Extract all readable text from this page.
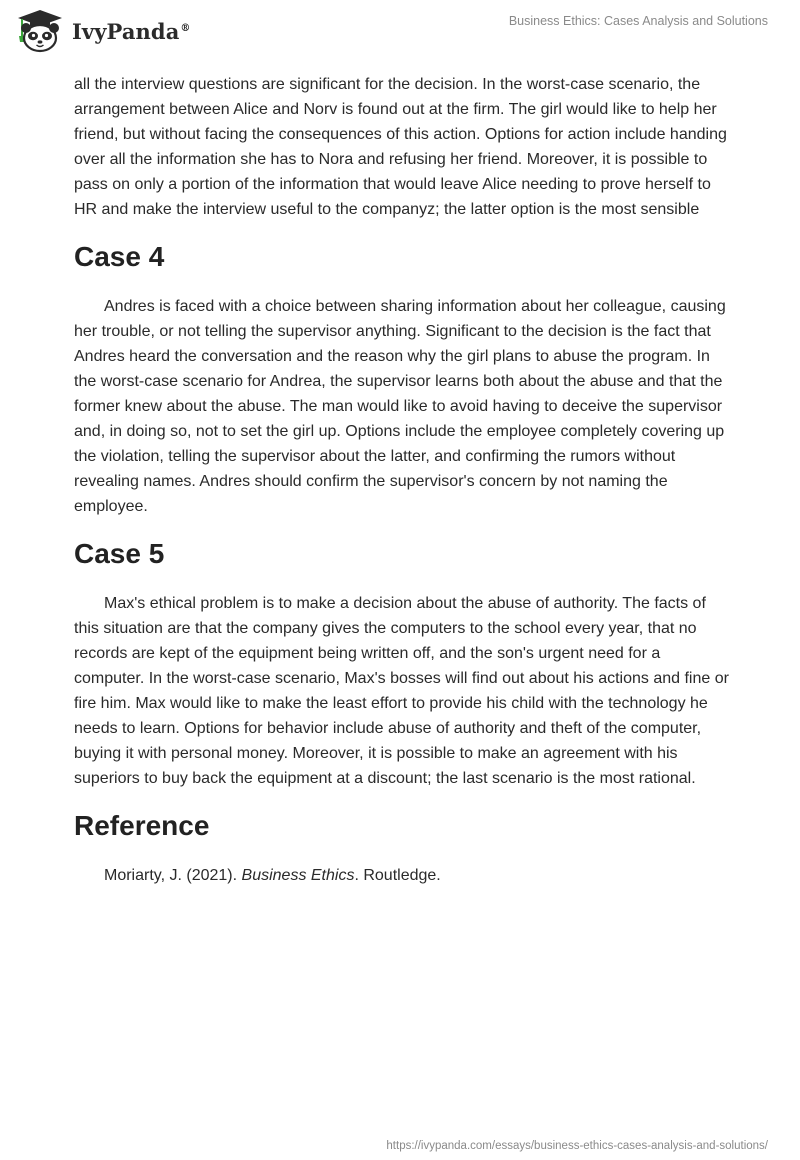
IvyPanda®	Business Ethics: Cases Analysis and Solutions

all the interview questions are significant for the decision. In the worst-case scenario, the arrangement between Alice and Norv is found out at the firm. The girl would like to help her friend, but without facing the consequences of this action. Options for action include handing over all the information she has to Nora and refusing her friend. Moreover, it is possible to pass on only a portion of the information that would leave Alice needing to prove herself to HR and make the interview useful to the companyz; the latter option is the most sensible

Case 4

Andres is faced with a choice between sharing information about her colleague, causing her trouble, or not telling the supervisor anything. Significant to the decision is the fact that Andres heard the conversation and the reason why the girl plans to abuse the program. In the worst-case scenario for Andrea, the supervisor learns both about the abuse and that the former knew about the abuse. The man would like to avoid having to deceive the supervisor and, in doing so, not to set the girl up. Options include the employee completely covering up the violation, telling the supervisor about the latter, and confirming the rumors without revealing names. Andres should confirm the supervisor's concern by not naming the employee.

Case 5

Max's ethical problem is to make a decision about the abuse of authority. The facts of this situation are that the company gives the computers to the school every year, that no records are kept of the equipment being written off, and the son's urgent need for a computer. In the worst-case scenario, Max's bosses will find out about his actions and fine or fire him. Max would like to make the least effort to provide his child with the technology he needs to learn. Options for behavior include abuse of authority and theft of the computer, buying it with personal money. Moreover, it is possible to make an agreement with his superiors to buy back the equipment at a discount; the last scenario is the most rational.

Reference

Moriarty, J. (2021). Business Ethics. Routledge.

https://ivypanda.com/essays/business-ethics-cases-analysis-and-solutions/
